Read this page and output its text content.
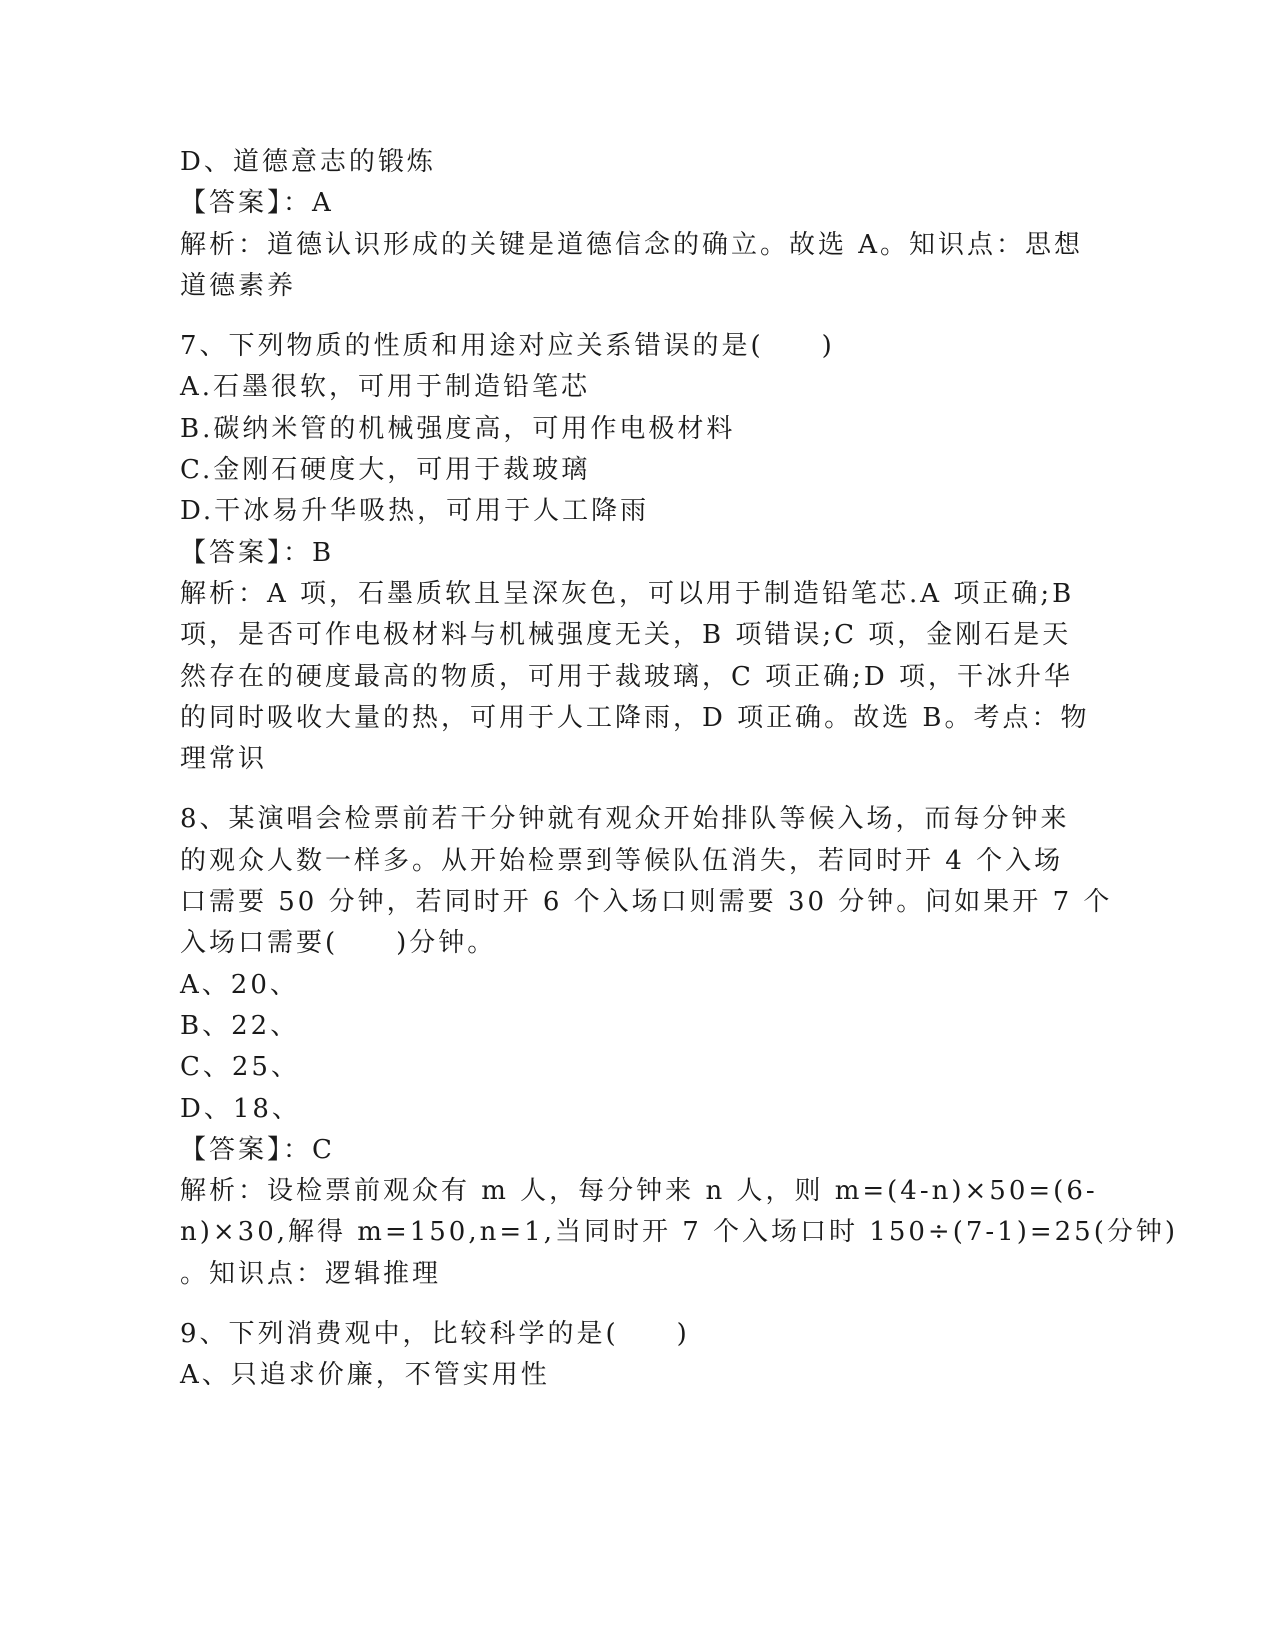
D、道德意志的锻炼
【答案】：A
解析：道德认识形成的关键是道德信念的确立。故选 A。知识点：思想
道德素养
7、下列物质的性质和用途对应关系错误的是(　　)
A.石墨很软，可用于制造铅笔芯
B.碳纳米管的机械强度高，可用作电极材料
C.金刚石硬度大，可用于裁玻璃
D.干冰易升华吸热，可用于人工降雨
【答案】：B
解析：A 项，石墨质软且呈深灰色，可以用于制造铅笔芯.A 项正确;B
项，是否可作电极材料与机械强度无关，B 项错误;C 项，金刚石是天
然存在的硬度最高的物质，可用于裁玻璃，C 项正确;D 项，干冰升华
的同时吸收大量的热，可用于人工降雨，D 项正确。故选 B。考点：物
理常识
8、某演唱会检票前若干分钟就有观众开始排队等候入场，而每分钟来
的观众人数一样多。从开始检票到等候队伍消失，若同时开 4 个入场
口需要 50 分钟，若同时开 6 个入场口则需要 30 分钟。问如果开 7 个
入场口需要(　　)分钟。
A、20、
B、22、
C、25、
D、18、
【答案】：C
解析：设检票前观众有 m 人，每分钟来 n 人，则 m=(4-n)×50=(6-
n)×30,解得 m=150,n=1,当同时开 7 个入场口时 150÷(7-1)=25(分钟)
。知识点：逻辑推理
9、下列消费观中，比较科学的是(　　)
A、只追求价廉，不管实用性
